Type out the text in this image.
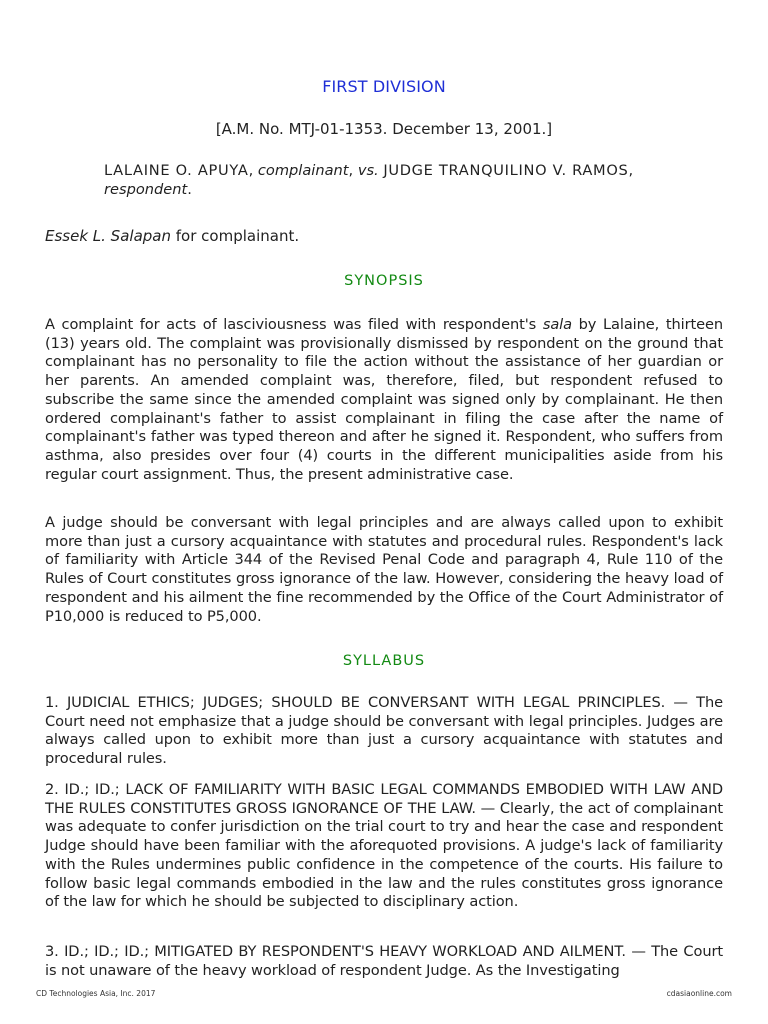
FIRST DIVISION
[A.M. No. MTJ-01-1353. December 13, 2001.]
LALAINE O. APUYA, complainant, vs. JUDGE TRANQUILINO V. RAMOS,
respondent.
Essek L. Salapan for complainant.
SYNOPSIS
A complaint for acts of lasciviousness was filed with respondent's sala by Lalaine, thirteen (13) years old. The complaint was provisionally dismissed by respondent on the ground that complainant has no personality to file the action without the assistance of her guardian or her parents. An amended complaint was, therefore, filed, but respondent refused to subscribe the same since the amended complaint was signed only by complainant. He then ordered complainant's father to assist complainant in filing the case after the name of complainant's father was typed thereon and after he signed it. Respondent, who suffers from asthma, also presides over four (4) courts in the different municipalities aside from his regular court assignment. Thus, the present administrative case.
A judge should be conversant with legal principles and are always called upon to exhibit more than just a cursory acquaintance with statutes and procedural rules. Respondent's lack of familiarity with Article 344 of the Revised Penal Code and paragraph 4, Rule 110 of the Rules of Court constitutes gross ignorance of the law. However, considering the heavy load of respondent and his ailment the fine recommended by the Office of the Court Administrator of P10,000 is reduced to P5,000.
SYLLABUS
1. JUDICIAL ETHICS; JUDGES; SHOULD BE CONVERSANT WITH LEGAL PRINCIPLES. — The Court need not emphasize that a judge should be conversant with legal principles. Judges are always called upon to exhibit more than just a cursory acquaintance with statutes and procedural rules.
2. ID.; ID.; LACK OF FAMILIARITY WITH BASIC LEGAL COMMANDS EMBODIED WITH LAW AND THE RULES CONSTITUTES GROSS IGNORANCE OF THE LAW. — Clearly, the act of complainant was adequate to confer jurisdiction on the trial court to try and hear the case and respondent Judge should have been familiar with the aforequoted provisions. A judge's lack of familiarity with the Rules undermines public confidence in the competence of the courts. His failure to follow basic legal commands embodied in the law and the rules constitutes gross ignorance of the law for which he should be subjected to disciplinary action.
3. ID.; ID.; ID.; MITIGATED BY RESPONDENT'S HEAVY WORKLOAD AND AILMENT. — The Court is not unaware of the heavy workload of respondent Judge. As the Investigating
CD Technologies Asia, Inc. 2017	cdasiaonline.com
